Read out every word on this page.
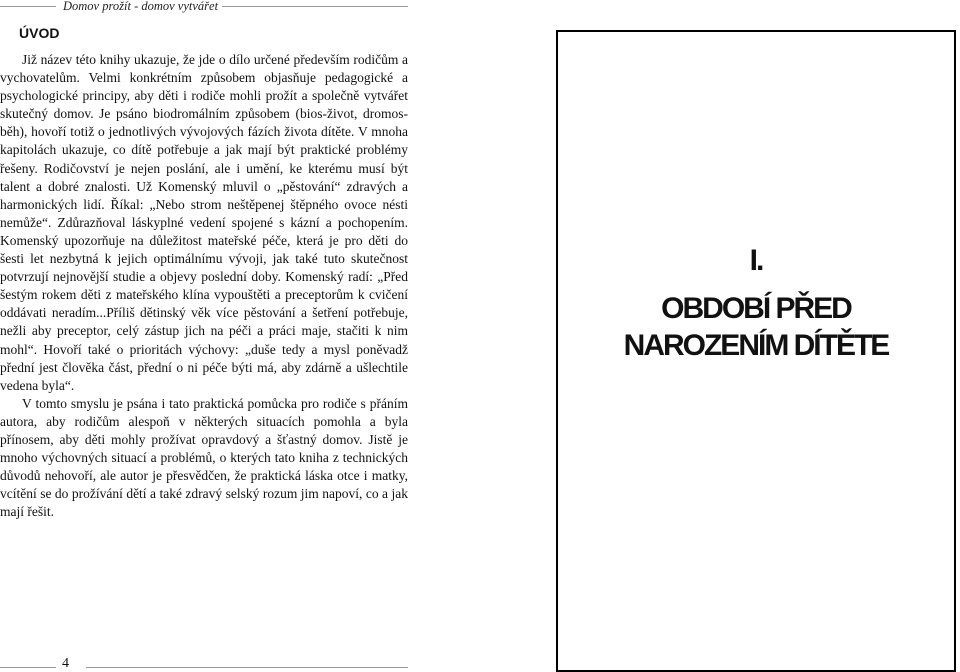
Domov prožít - domov vytvářet
ÚVOD

Již název této knihy ukazuje, že jde o dílo určené především rodičům a vychovatelům. Velmi konkrétním způsobem objasňuje pedagogické a psychologické principy, aby děti i rodiče mohli prožít a společně vytvářet skutečný domov. Je psáno biodromálním způsobem (bios-život, dromos-běh), hovoří totiž o jednotlivých vývojových fázích života dítěte. V mnoha kapitolách ukazuje, co dítě potřebuje a jak mají být praktické problémy řešeny. Rodičovství je nejen poslání, ale i umění, ke kterému musí být talent a dobré znalosti. Už Komenský mluvil o „pěstování“ zdravých a harmonických lidí. Říkal: „Nebo strom neštěpenej štěpného ovoce nésti nemůže“. Zdůrazňoval láskyplné vedení spojené s kázní a pochopením. Komenský upozorňuje na důležitost mateřské péče, která je pro děti do šesti let nezbytná k jejich optimálnímu vývoji, jak také tuto skutečnost potvrzují nejnovější studie a objevy poslední doby. Komenský radí: „Před šestým rokem děti z mateřského klína vypouštěti a preceptorům k cvičení oddávati neradím...Příliš dětinský věk více pěstování a šetření potřebuje, nežli aby preceptor, celý zástup jich na péči a práci maje, stačiti k nim mohl“. Hovoří také o prioritách výchovy: „duše tedy a mysl poněvadž přední jest člověka část, přední o ni péče býti má, aby zdárně a ušlechtile vedena byla“.

V tomto smyslu je psána i tato praktická pomůcka pro rodiče s přáním autora, aby rodičům alespoň v některých situacích pomohla a byla přínosem, aby děti mohly prožívat opravdový a šťastný domov. Jistě je mnoho výchovných situací a problémů, o kterých tato kniha z technických důvodů nehovoří, ale autor je přesvědčen, že praktická láska otce i matky, vcítění se do prožívání dětí a také zdravý selský rozum jim napoví, co a jak mají řešit.

4
I.
OBDOBÍ PŘED
NAROZENÍM DÍTĚTE
